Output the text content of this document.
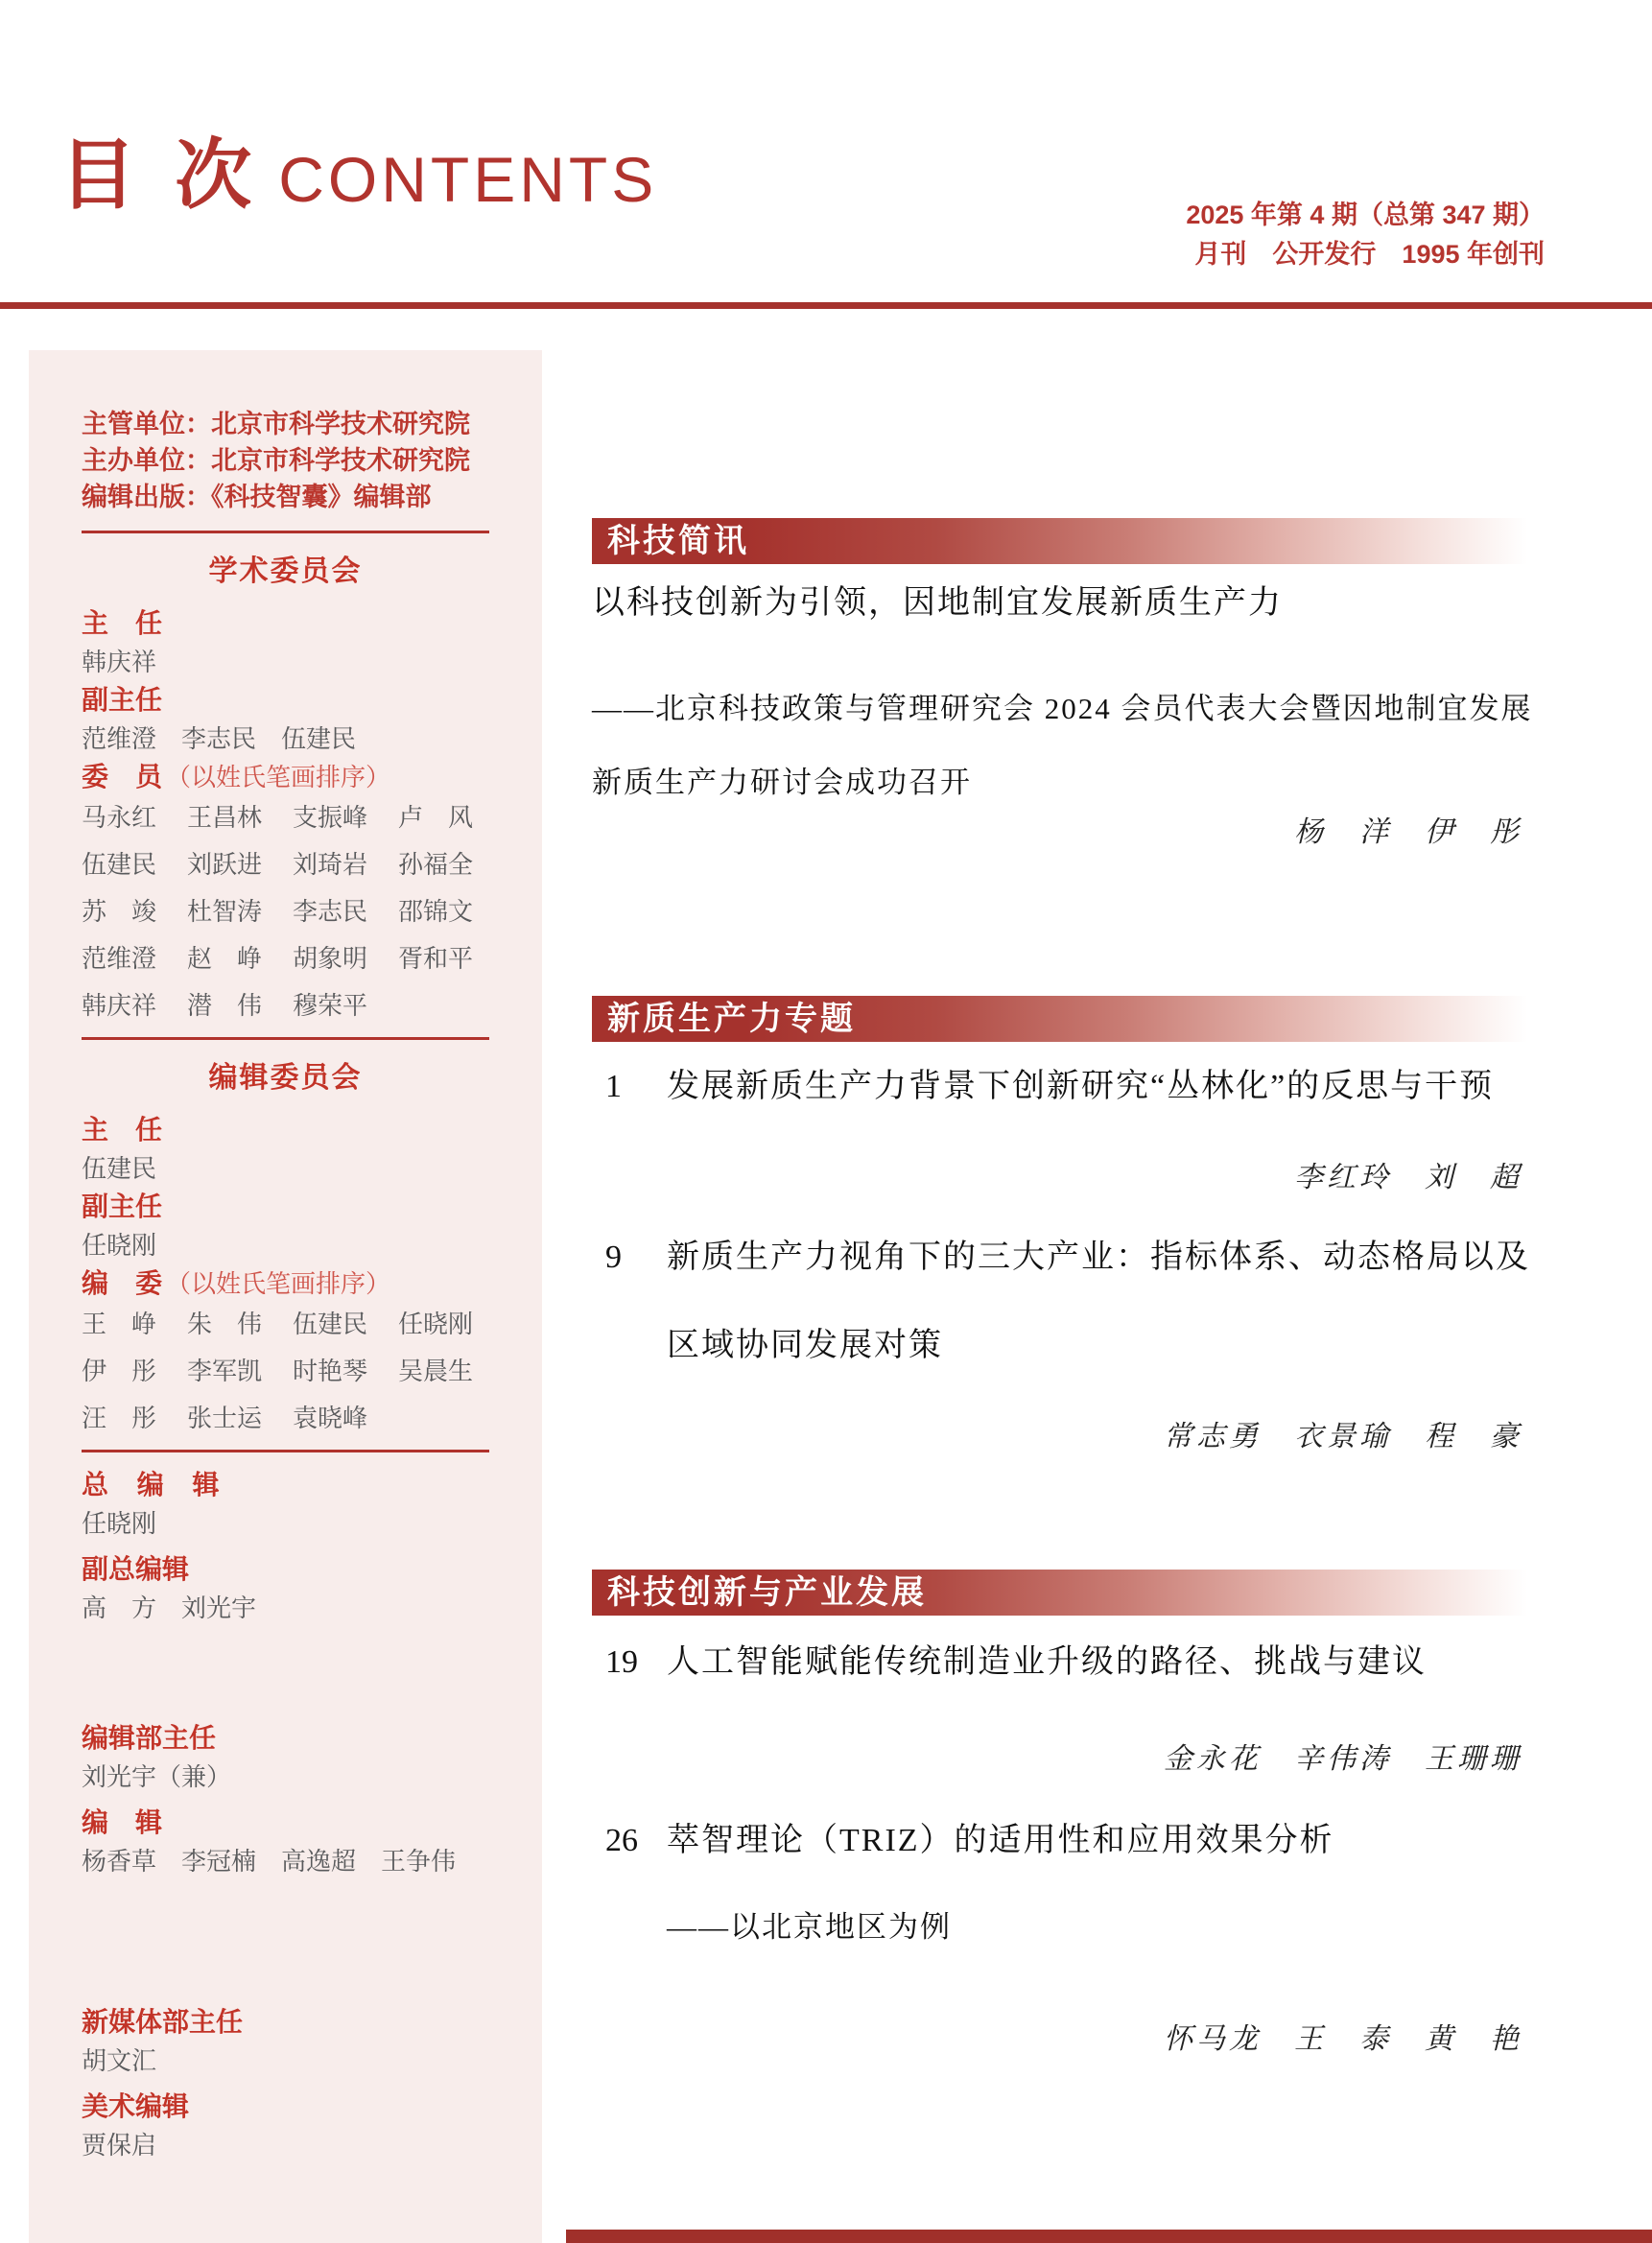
目 次 CONTENTS	2025 年第 4 期（总第 347 期）
月刊　公开发行　1995 年创刊
主管单位：北京市科学技术研究院
主办单位：北京市科学技术研究院
编辑出版：《科技智囊》编辑部
学术委员会
主　任
韩庆祥
副主任
范维澄　李志民　伍建民
委　员 （以姓氏笔画排序）
马永红	王昌林	支振峰	卢　风
伍建民	刘跃进	刘琦岩	孙福全
苏　竣	杜智涛	李志民	邵锦文
范维澄	赵　峥	胡象明	胥和平
韩庆祥	潜　伟	穆荣平
编辑委员会
主　任
伍建民
副主任
任晓刚
编　委 （以姓氏笔画排序）
王　峥	朱　伟	伍建民	任晓刚
伊　彤	李军凯	时艳琴	吴晨生
汪　彤	张士运	袁晓峰
总 编 辑
任晓刚
副总编辑
高　方　刘光宇
编辑部主任
刘光宇（兼）
编　辑
杨香草　李冠楠　高逸超　王争伟
新媒体部主任
胡文汇
美术编辑
贾保启
科技简讯
以科技创新为引领，因地制宜发展新质生产力
——北京科技政策与管理研究会 2024 会员代表大会暨因地制宜发展新质生产力研讨会成功召开
杨　洋　伊　彤
新质生产力专题
1	发展新质生产力背景下创新研究“丛林化”的反思与干预
李红玲　刘　超
9	新质生产力视角下的三大产业：指标体系、动态格局以及区域协同发展对策
常志勇　衣景瑜　程　豪
科技创新与产业发展
19 人工智能赋能传统制造业升级的路径、挑战与建议
金永花　辛伟涛　王珊珊
26 萃智理论（TRIZ）的适用性和应用效果分析
——以北京地区为例
怀马龙　王　泰　黄　艳
